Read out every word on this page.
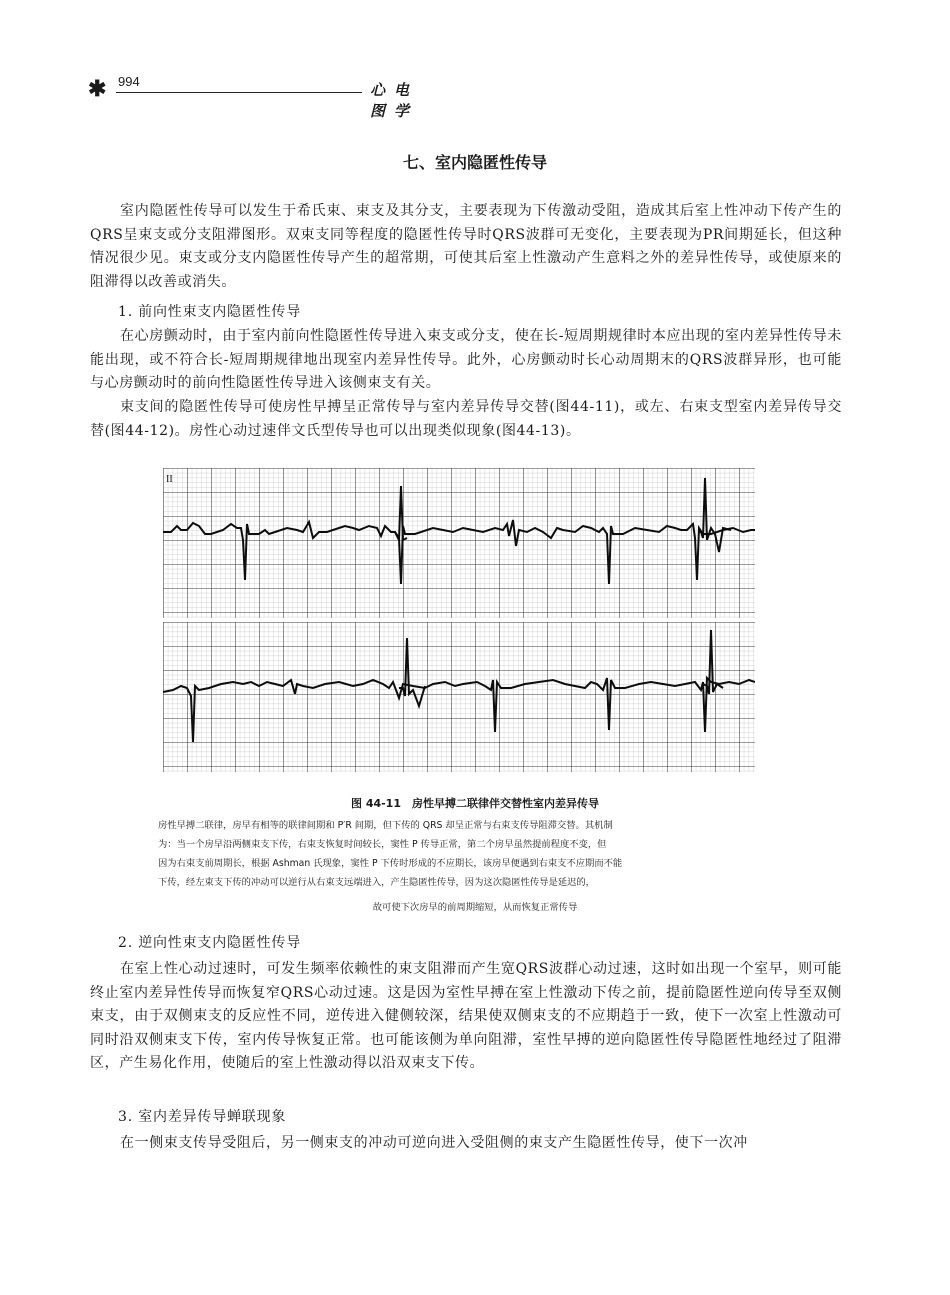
✱ 994	心电图学
七、室内隐匿性传导

室内隐匿性传导可以发生于希氏束、束支及其分支，主要表现为下传激动受阻，造成其后室上性冲动下传产生的QRS呈束支或分支阻滞图形。双束支同等程度的隐匿性传导时QRS波群可无变化，主要表现为PR间期延长，但这种情况很少见。束支或分支内隐匿性传导产生的超常期，可使其后室上性激动产生意料之外的差异性传导，或使原来的阻滞得以改善或消失。

1. 前向性束支内隐匿性传导

在心房颤动时，由于室内前向性隐匿性传导进入束支或分支，使在长-短周期规律时本应出现的室内差异性传导未能出现，或不符合长-短周期规律地出现室内差异性传导。此外，心房颤动时长心动周期末的QRS波群异形，也可能与心房颤动时的前向性隐匿性传导进入该侧束支有关。

束支间的隐匿性传导可使房性早搏呈正常传导与室内差异传导交替(图44-11)，或左、右束支型室内差异传导交替(图44-12)。房性心动过速伴文氏型传导也可以出现类似现象(图44-13)。

II
图 44-11　房性早搏二联律伴交替性室内差异传导

房性早搏二联律，房早有相等的联律间期和 P′R 间期，但下传的 QRS 却呈正常与右束支传导阻滞交替。其机制

为：当一个房早沿两侧束支下传，右束支恢复时间较长，窦性 P 传导正常，第二个房早虽然提前程度不变，但

因为右束支前周期长，根据 Ashman 氏现象，窦性 P 下传时形成的不应期长，该房早便遇到右束支不应期而不能

下传，经左束支下传的冲动可以逆行从右束支远端进入，产生隐匿性传导，因为这次隐匿性传导是延迟的，

故可使下次房早的前周期缩短，从而恢复正常传导

2. 逆向性束支内隐匿性传导

在室上性心动过速时，可发生频率依赖性的束支阻滞而产生宽QRS波群心动过速，这时如出现一个室早，则可能终止室内差异性传导而恢复窄QRS心动过速。这是因为室性早搏在室上性激动下传之前，提前隐匿性逆向传导至双侧束支，由于双侧束支的反应性不同，逆传进入健侧较深，结果使双侧束支的不应期趋于一致，使下一次室上性激动可同时沿双侧束支下传，室内传导恢复正常。也可能该侧为单向阻滞，室性早搏的逆向隐匿性传导隐匿性地经过了阻滞区，产生易化作用，使随后的室上性激动得以沿双束支下传。

3. 室内差异传导蝉联现象

在一侧束支传导受阻后，另一侧束支的冲动可逆向进入受阻侧的束支产生隐匿性传导，使下一次冲
